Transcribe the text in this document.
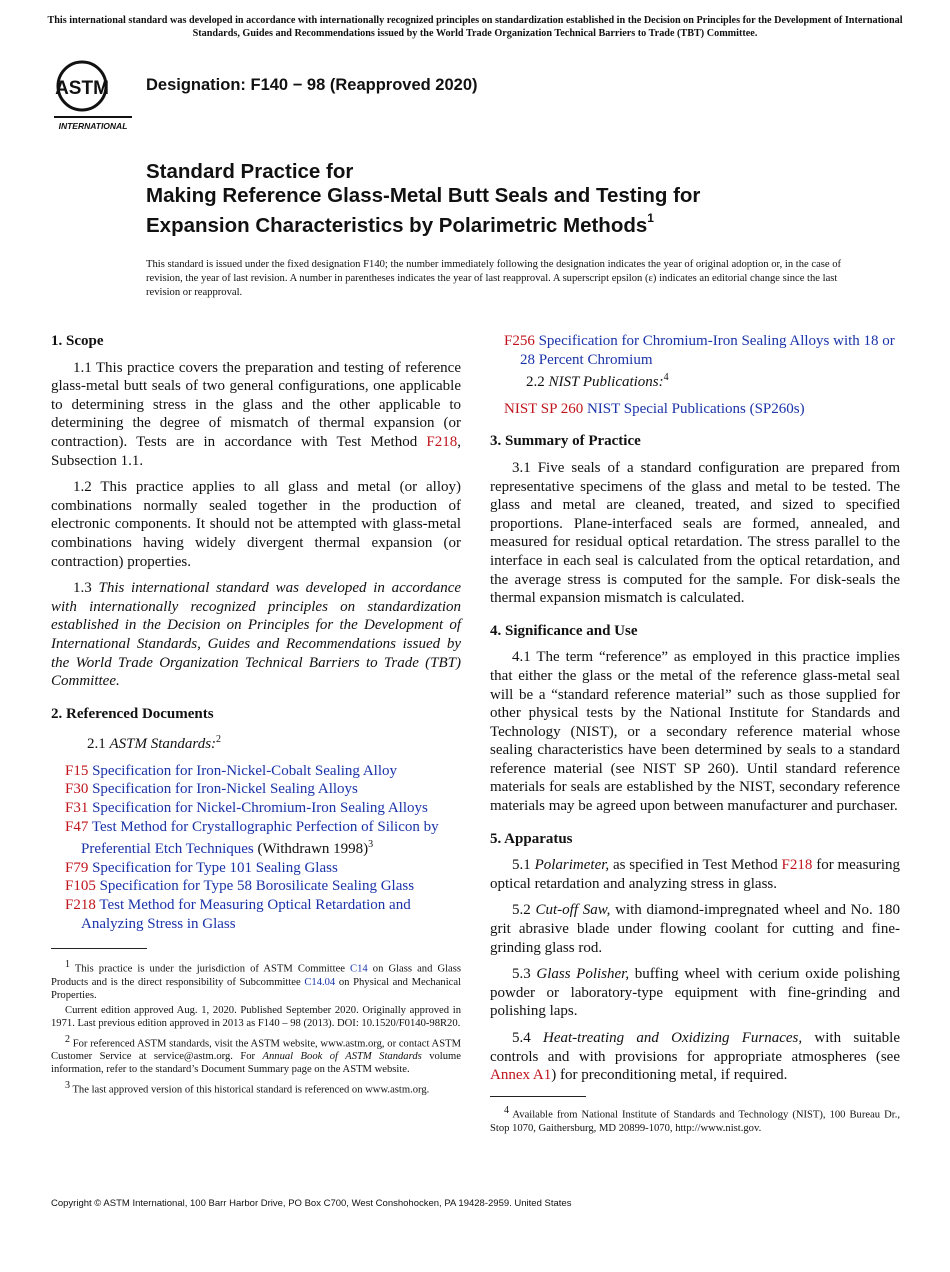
This international standard was developed in accordance with internationally recognized principles on standardization established in the Decision on Principles for the Development of International Standards, Guides and Recommendations issued by the World Trade Organization Technical Barriers to Trade (TBT) Committee.
ASTM
INTERNATIONAL
Designation: F140 − 98 (Reapproved 2020)
Standard Practice for
Making Reference Glass-Metal Butt Seals and Testing for
Expansion Characteristics by Polarimetric Methods$^1$
This standard is issued under the fixed designation F140; the number immediately following the designation indicates the year of original adoption or, in the case of revision, the year of last revision. A number in parentheses indicates the year of last reapproval. A superscript epsilon (ε) indicates an editorial change since the last revision or reapproval.
1. Scope

1.1 This practice covers the preparation and testing of reference glass-metal butt seals of two general configurations, one applicable to determining stress in the glass and the other applicable to determining the degree of mismatch of thermal expansion (or contraction). Tests are in accordance with Test Method F218, Subsection 1.1.

1.2 This practice applies to all glass and metal (or alloy) combinations normally sealed together in the production of electronic components. It should not be attempted with glass-metal combinations having widely divergent thermal expansion (or contraction) properties.

1.3 This international standard was developed in accordance with internationally recognized principles on standardization established in the Decision on Principles for the Development of International Standards, Guides and Recommendations issued by the World Trade Organization Technical Barriers to Trade (TBT) Committee.

2. Referenced Documents

2.1 ASTM Standards:$^2$

F15 Specification for Iron-Nickel-Cobalt Sealing Alloy
F30 Specification for Iron-Nickel Sealing Alloys
F31 Specification for Nickel-Chromium-Iron Sealing Alloys
F47 Test Method for Crystallographic Perfection of Silicon by Preferential Etch Techniques (Withdrawn 1998)$^3$
F79 Specification for Type 101 Sealing Glass
F105 Specification for Type 58 Borosilicate Sealing Glass
F218 Test Method for Measuring Optical Retardation and Analyzing Stress in Glass
F256 Specification for Chromium-Iron Sealing Alloys with 18 or 28 Percent Chromium

2.2 NIST Publications:$^4$

NIST SP 260 NIST Special Publications (SP260s)
3. Summary of Practice

3.1 Five seals of a standard configuration are prepared from representative specimens of the glass and metal to be tested. The glass and metal are cleaned, treated, and sized to specified proportions. Plane-interfaced seals are formed, annealed, and measured for residual optical retardation. The stress parallel to the interface in each seal is calculated from the optical retardation, and the average stress is computed for the sample. For disk-seals the thermal expansion mismatch is calculated.

4. Significance and Use

4.1 The term “reference” as employed in this practice implies that either the glass or the metal of the reference glass-metal seal will be a “standard reference material” such as those supplied for other physical tests by the National Institute for Standards and Technology (NIST), or a secondary reference material whose sealing characteristics have been determined by seals to a standard reference material (see NIST SP 260). Until standard reference materials for seals are established by the NIST, secondary reference materials may be agreed upon between manufacturer and purchaser.

5. Apparatus

5.1 Polarimeter, as specified in Test Method F218 for measuring optical retardation and analyzing stress in glass.

5.2 Cut-off Saw, with diamond-impregnated wheel and No. 180 grit abrasive blade under flowing coolant for cutting and fine-grinding glass rod.

5.3 Glass Polisher, buffing wheel with cerium oxide polishing powder or laboratory-type equipment with fine-grinding and polishing laps.

5.4 Heat-treating and Oxidizing Furnaces, with suitable controls and with provisions for appropriate atmospheres (see Annex A1) for preconditioning metal, if required.

$^1$ This practice is under the jurisdiction of ASTM Committee C14 on Glass and Glass Products and is the direct responsibility of Subcommittee C14.04 on Physical and Mechanical Properties.

Current edition approved Aug. 1, 2020. Published September 2020. Originally approved in 1971. Last previous edition approved in 2013 as F140 – 98 (2013). DOI: 10.1520/F0140-98R20.

$^2$ For referenced ASTM standards, visit the ASTM website, www.astm.org, or contact ASTM Customer Service at service@astm.org. For Annual Book of ASTM Standards volume information, refer to the standard’s Document Summary page on the ASTM website.

$^3$ The last approved version of this historical standard is referenced on www.astm.org.

$^4$ Available from National Institute of Standards and Technology (NIST), 100 Bureau Dr., Stop 1070, Gaithersburg, MD 20899-1070, http://www.nist.gov.

Copyright © ASTM International, 100 Barr Harbor Drive, PO Box C700, West Conshohocken, PA 19428-2959. United States
